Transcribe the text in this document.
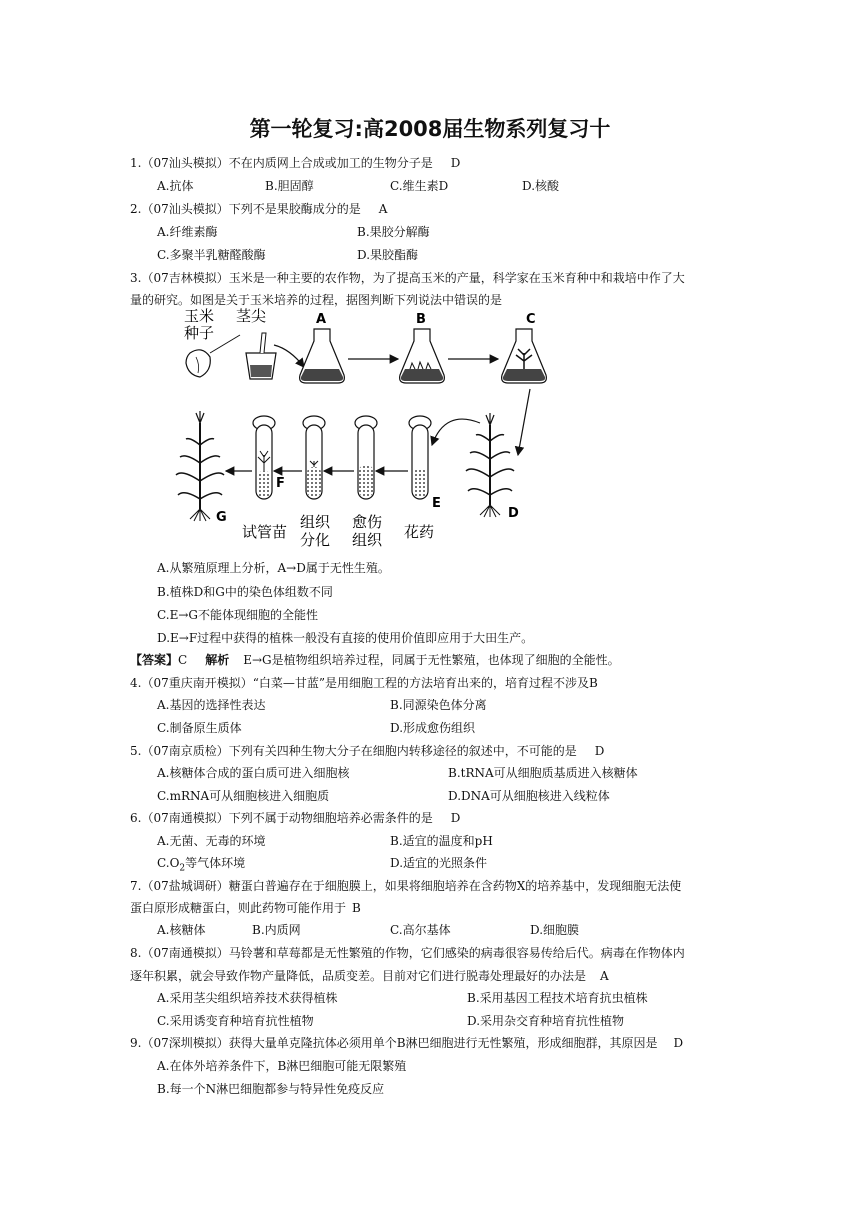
第一轮复习:高2008届生物系列复习十
1.（07汕头模拟）不在内质网上合成或加工的生物分子是 D
A.抗体	B.胆固醇	C.维生素D	D.核酸
2.（07汕头模拟）下列不是果胶酶成分的是 A
A.纤维素酶	B.果胶分解酶
C.多聚半乳糖醛酸酶	D.果胶酯酶
3.（07吉林模拟）玉米是一种主要的农作物，为了提高玉米的产量，科学家在玉米育种中和栽培中作了大
量的研究。如图是关于玉米培养的过程，据图判断下列说法中错误的是
玉米
种子
茎尖	A	B	C
D
E
F
G
试管苗
组织
分化
愈伤
组织 花药
A.从繁殖原理上分析，A→D属于无性生殖。
B.植株D和G中的染色体组数不同
C.E→G不能体现细胞的全能性
D.E→F过程中获得的植株一般没有直接的使用价值即应用于大田生产。
【答案】C 解析 E→G是植物组织培养过程，同属于无性繁殖，也体现了细胞的全能性。
4.（07重庆南开模拟）“白菜—甘蓝”是用细胞工程的方法培育出来的，培育过程不涉及B
A.基因的选择性表达	B.同源染色体分离
C.制备原生质体	D.形成愈伤组织
5.（07南京质检）下列有关四种生物大分子在细胞内转移途径的叙述中，不可能的是 D
A.核糖体合成的蛋白质可进入细胞核	B.tRNA可从细胞质基质进入核糖体
C.mRNA可从细胞核进入细胞质	D.DNA可从细胞核进入线粒体
6.（07南通模拟）下列不属于动物细胞培养必需条件的是 D
A.无菌、无毒的环境	B.适宜的温度和pH
$C.O_2$等气体环境	D.适宜的光照条件
7.（07盐城调研）糖蛋白普遍存在于细胞膜上，如果将细胞培养在含药物X的培养基中，发现细胞无法使
蛋白原形成糖蛋白，则此药物可能作用于 B
A.核糖体	B.内质网	C.高尔基体	D.细胞膜
8.（07南通模拟）马铃薯和草莓都是无性繁殖的作物，它们感染的病毒很容易传给后代。病毒在作物体内
逐年积累，就会导致作物产量降低，品质变差。目前对它们进行脱毒处理最好的办法是 A
A.采用茎尖组织培养技术获得植株	B.采用基因工程技术培育抗虫植株
C.采用诱变育种培育抗性植物	D.采用杂交育种培育抗性植物
9.（07深圳模拟）获得大量单克隆抗体必须用单个B淋巴细胞进行无性繁殖，形成细胞群，其原因是 D
A.在体外培养条件下，B淋巴细胞可能无限繁殖
B.每一个N淋巴细胞都参与特异性免疫反应
